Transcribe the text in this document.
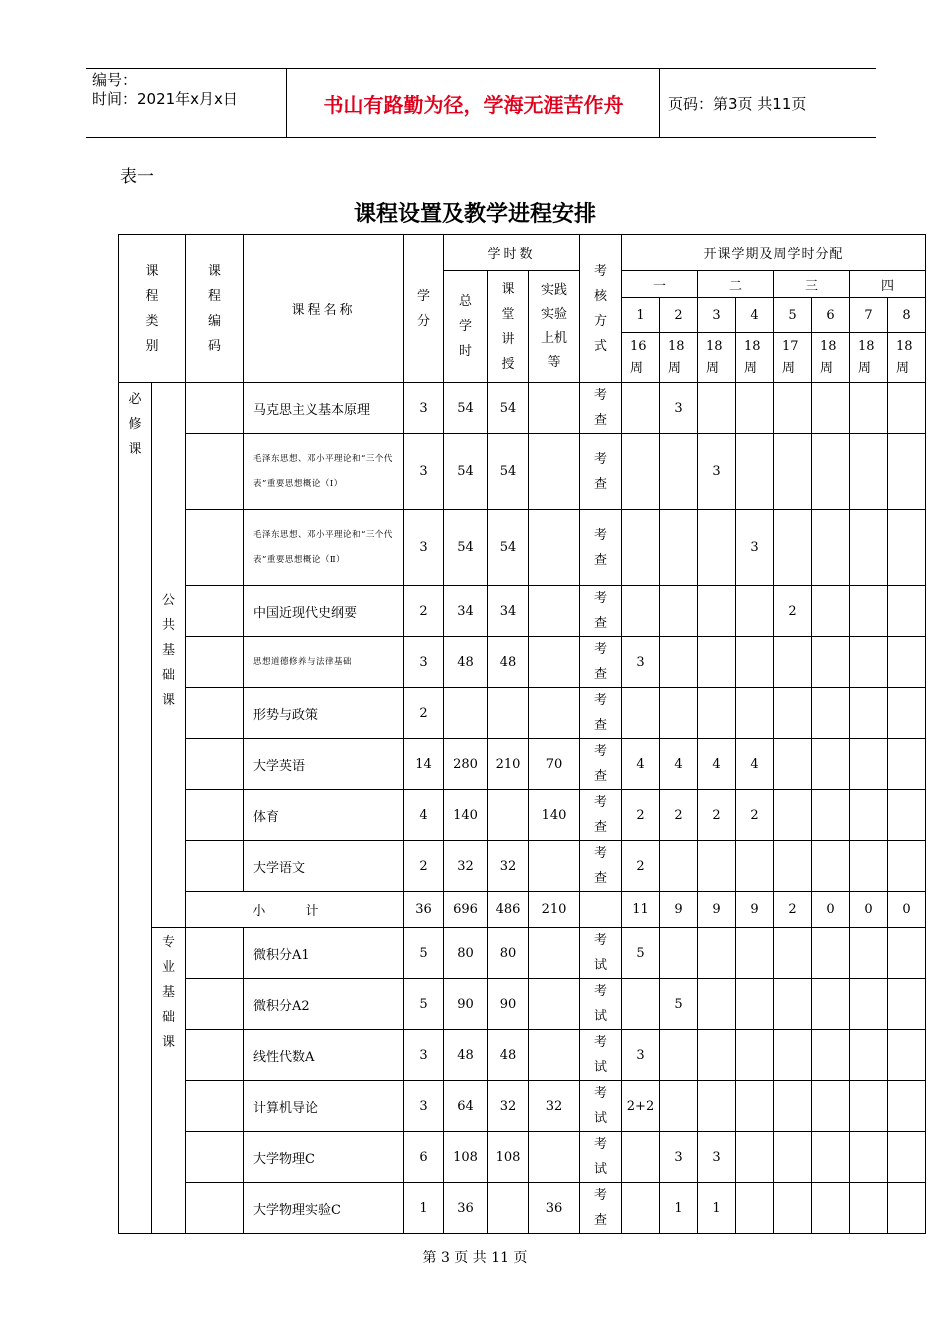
编号：
时间：2021年x月x日	书山有路勤为径，学海无涯苦作舟	页码：第3页 共11页
表一
课程设置及教学进程安排
课
程
类
别		课
程
编
码	课程名称	学
分	学时数			考
核
方
式	开课学期及周学时分配							
					总
学
时	课
堂
讲
授	实践
实验
上机
等		一		二		三		四	
									1	2	3	4	5	6	7	8
									16
周	18
周	18
周	18
周	17
周	18
周	18
周	18
周
必
修
课	公
共
基
础
课		马克思主义基本原理	3	54	54		考
查		3						
			毛泽东思想、邓小平理论和“三个代表”重要思想概论（Ⅰ）	3	54	54		考
查			3					
			毛泽东思想、邓小平理论和“三个代表”重要思想概论（Ⅱ）	3	54	54		考
查				3				
			中国近现代史纲要	2	34	34		考
查					2			
			思想道德修养与法律基础	3	48	48		考
查	3							
			形势与政策	2				考
查								
			大学英语	14	280	210	70	考
查	4	4	4	4				
			体育	4	140		140	考
查	2	2	2	2				
			大学语文	2	32	32		考
查	2							
		小 计		36	696	486	210		11	9	9	9	2	0	0	0
	专
业
基
础
课		微积分A1	5	80	80		考
试	5							
			微积分A2	5	90	90		考
试		5						
			线性代数A	3	48	48		考
试	3							
			计算机导论	3	64	32	32	考
试	2+2							
			大学物理C	6	108	108		考
试		3	3					
			大学物理实验C	1	36		36	考
查		1	1					
第 3 页 共 11 页
